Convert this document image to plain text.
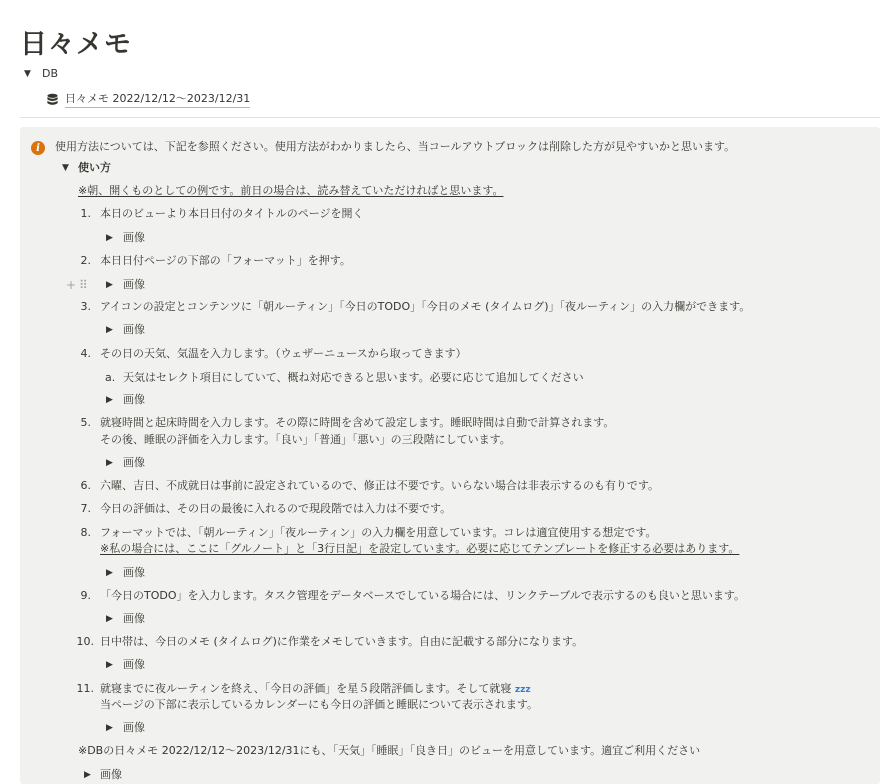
日々メモ
▼	DB
日々メモ 2022/12/12〜2023/12/31
i	使用方法については、下記を参照ください。使用方法がわかりましたら、当コールアウトブロックは削除した方が見やすいかと思います。
▼ 使い方
※朝、開くものとしての例です。前日の場合は、読み替えていただければと思います。
1. 本日のビューより本日日付のタイトルのページを開く
▶ 画像
2. 本日日付ページの下部の「フォーマット」を押す。
+⠿ ▶ 画像
3. アイコンの設定とコンテンツに「朝ルーティン」「今日のTODO」「今日のメモ (タイムログ)」「夜ルーティン」の入力欄ができます。
▶ 画像
4. その日の天気、気温を入力します。（ウェザーニュースから取ってきます）
a. 天気はセレクト項目にしていて、概ね対応できると思います。必要に応じて追加してください
▶ 画像
5. 就寝時間と起床時間を入力します。その際に時間を含めて設定します。睡眠時間は自動で計算されます。
その後、睡眠の評価を入力します。「良い」「普通」「悪い」の三段階にしています。
▶ 画像
6. 六曜、吉日、不成就日は事前に設定されているので、修正は不要です。いらない場合は非表示するのも有りです。
7. 今日の評価は、その日の最後に入れるので現段階では入力は不要です。
8. フォーマットでは、「朝ルーティン」「夜ルーティン」の入力欄を用意しています。コレは適宜使用する想定です。
※私の場合には、ここに「グルノート」と「3行日記」を設定しています。必要に応じてテンプレートを修正する必要はあります。
▶ 画像
9. 「今日のTODO」を入力します。タスク管理をデータベースでしている場合には、リンクテーブルで表示するのも良いと思います。
▶ 画像
10. 日中帯は、今日のメモ (タイムログ)に作業をメモしていきます。自由に記載する部分になります。
▶ 画像
11. 就寝までに夜ルーティンを終え、「今日の評価」を星５段階評価します。そして就寝 zzz
当ページの下部に表示しているカレンダーにも今日の評価と睡眠について表示されます。
▶ 画像
※DBの日々メモ 2022/12/12〜2023/12/31にも、「天気」「睡眠」「良き日」のビューを用意しています。適宜ご利用ください
▶ 画像
